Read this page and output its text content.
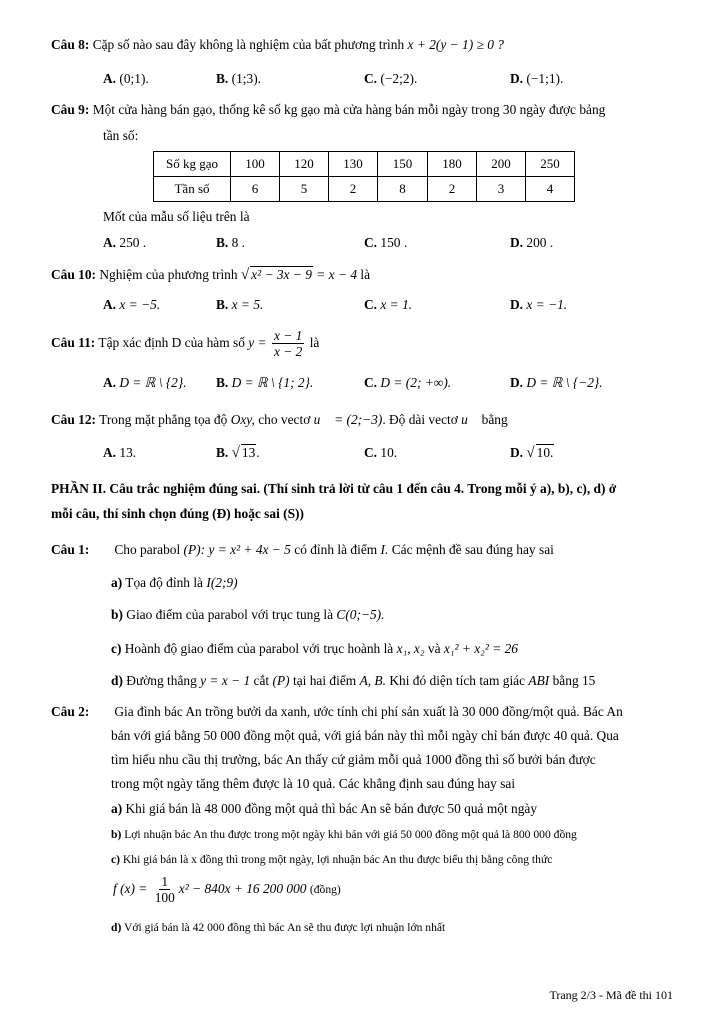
Câu 8: Cặp số nào sau đây không là nghiệm của bất phương trình x + 2(y − 1) ≥ 0 ?
A. (0;1).	B. (1;3).	C. (−2;2).	D. (−1;1).
Câu 9: Một cửa hàng bán gạo, thống kê số kg gạo mà cửa hàng bán mỗi ngày trong 30 ngày được bảng
tần số:
Số kg gạo	100	120	130	150	180	200	250
Tần số	6	5	2	8	2	3	4
Mốt của mẫu số liệu trên là
A. 250 .	B. 8 .	C. 150 .	D. 200 .
Câu 10: Nghiệm của phương trình √ x² − 3x − 9 = x − 4 là
A. x = −5.	B. x = 5.	C. x = 1.	D. x = −1.
Câu 11: Tập xác định D của hàm số $y = \frac{x - 1}{x - 2}$ là
A. D = ℝ \ {2}. B. D = ℝ \ {1; 2}.	C. D = (2; +∞).	D. D = ℝ \ {−2}.
Câu 12: Trong mặt phẳng tọa độ Oxy, cho vectơ u⃗ = (2;−3). Độ dài vectơ u⃗ bằng
A. 13.	B. √ 13.	C. 10.	D. √ 10.
PHẦN II. Câu trắc nghiệm đúng sai. (Thí sinh trả lời từ câu 1 đến câu 4. Trong mỗi ý a), b), c), d) ở
mỗi câu, thí sinh chọn đúng (Đ) hoặc sai (S))
Câu 1: Cho parabol (P): y = x² + 4x − 5 có đỉnh là điểm I. Các mệnh đề sau đúng hay sai
a) Tọa độ đỉnh là I(2;9)
b) Giao điểm của parabol với trục tung là C(0;−5).
c) Hoành độ giao điểm của parabol với trục hoành là x₁, x₂ và x₁² + x₂² = 26
d) Đường thẳng y = x − 1 cắt (P) tại hai điểm A, B. Khi đó diện tích tam giác ABI bằng 15
Câu 2: Gia đình bác An trồng bưởi da xanh, ước tính chi phí sản xuất là 30 000 đồng/một quả. Bác An
bán với giá bằng 50 000 đồng một quả, với giá bán này thì mỗi ngày chỉ bán được 40 quả. Qua
tìm hiểu nhu cầu thị trường, bác An thấy cứ giảm mỗi quả 1000 đồng thì số bưởi bán được
trong một ngày tăng thêm được là 10 quả. Các khẳng định sau đúng hay sai
a) Khi giá bán là 48 000 đồng một quả thì bác An sẽ bán được 50 quả một ngày
b) Lợi nhuận bác An thu được trong một ngày khi bán với giá 50 000 đồng một quả là 800 000 đồng
c) Khi giá bán là x đồng thì trong một ngày, lợi nhuận bác An thu được biểu thị bằng công thức
f $(x) = \frac{1}{100} x^2 - 840x + 16$ 200 000 (đồng)
d) Với giá bán là 42 000 đồng thì bác An sẽ thu được lợi nhuận lớn nhất
Trang 2/3 - Mã đề thi 101
